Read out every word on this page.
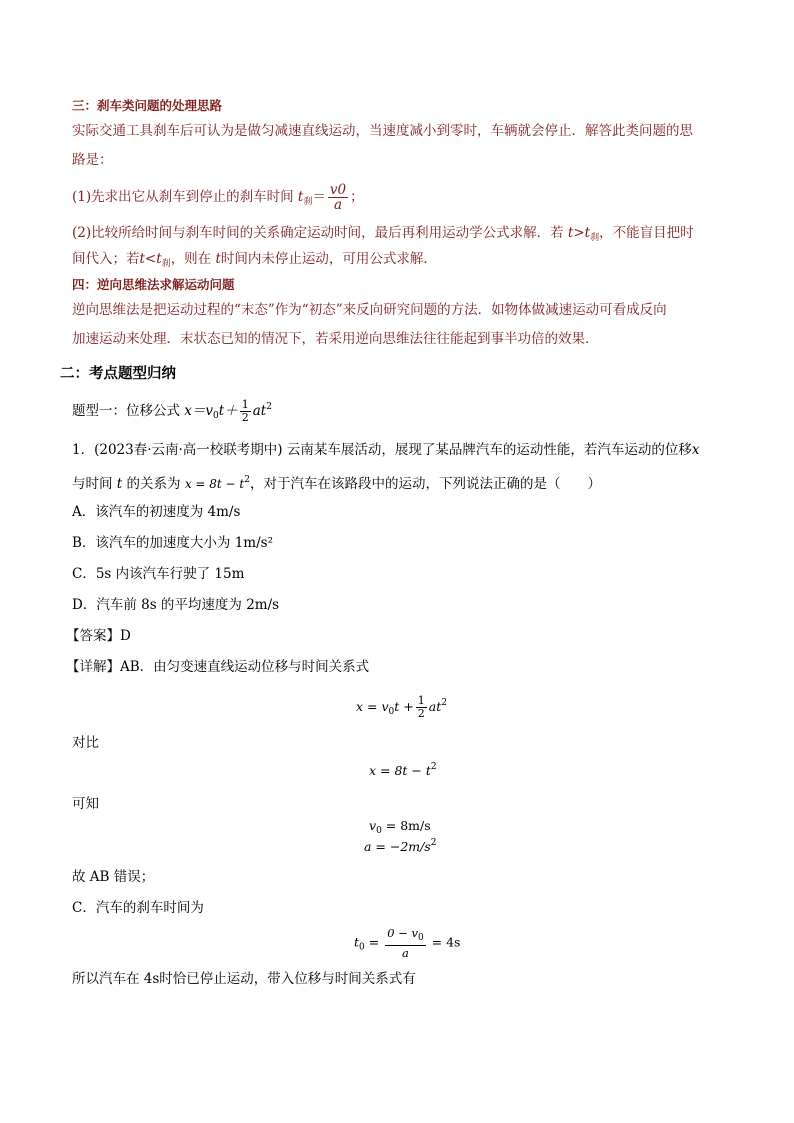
三：刹车类问题的处理思路
实际交通工具刹车后可认为是做匀减速直线运动，当速度减小到零时，车辆就会停止．解答此类问题的思
路是：
(1)先求出它从刹车到停止的刹车时间 $t_刹= \frac{v0}{a}$ ；
(2)比较所给时间与刹车时间的关系确定运动时间，最后再利用运动学公式求解．若 $t>t_刹$，不能盲目把时
间代入；若$t<t_刹$，则在 t时间内未停止运动，可用公式求解．
四：逆向思维法求解运动问题
逆向思维法是把运动过程的“末态”作为“初态”来反向研究问题的方法．如物体做减速运动可看成反向
加速运动来处理．末状态已知的情况下，若采用逆向思维法往往能起到事半功倍的效果．
二：考点题型归纳
题型一：位移公式 $x=v_0t+ \frac{1}{2} at^2$
1．(2023春·云南·高一校联考期中) 云南某车展活动，展现了某品牌汽车的运动性能，若汽车运动的位移x
与时间 t 的关系为 $x = 8t - t^2$，对于汽车在该路段中的运动，下列说法正确的是（　　）
A．该汽车的初速度为 4m/s
B．该汽车的加速度大小为 1m/s²
C．5s 内该汽车行驶了 15m
D．汽车前 8s 的平均速度为 2m/s
【答案】D
【详解】AB．由匀变速直线运动位移与时间关系式
$x = v_0t + \frac{1}{2} at^2$
对比
$x = 8t - t^2$
可知
$v_0 = 8m/s$
$a = -2m/s^2$
故 AB 错误；
C．汽车的刹车时间为
$t_0 = \frac{0 - v_0}{a} = 4s$
所以汽车在 4s时恰已停止运动，带入位移与时间关系式有
